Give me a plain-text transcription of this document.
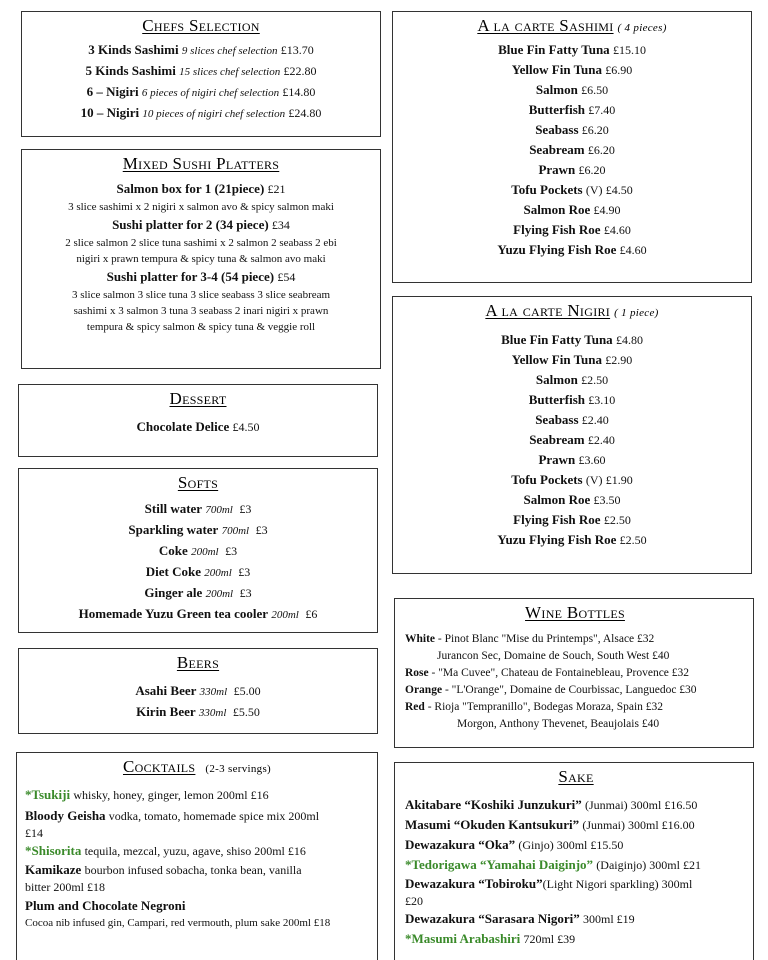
Chefs Selection
3 Kinds Sashimi 9 slices chef selection £13.70
5 Kinds Sashimi 15 slices chef selection £22.80
6 – Nigiri 6 pieces of nigiri chef selection £14.80
10 – Nigiri 10 pieces of nigiri chef selection £24.80
Mixed Sushi Platters
Salmon box for 1 (21piece) £21
3 slice sashimi x 2 nigiri x salmon avo & spicy salmon maki
Sushi platter for 2 (34 piece) £34
2 slice salmon 2 slice tuna sashimi x 2 salmon 2 seabass 2 ebi
nigiri x prawn tempura & spicy tuna & salmon avo maki
Sushi platter for 3-4 (54 piece) £54
3 slice salmon 3 slice tuna 3 slice seabass 3 slice seabream
sashimi x 3 salmon 3 tuna 3 seabass 2 inari nigiri x prawn
tempura & spicy salmon & spicy tuna & veggie roll
Dessert
Chocolate Delice £4.50
Softs
Still water 700ml £3
Sparkling water 700ml £3
Coke 200ml £3
Diet Coke 200ml £3
Ginger ale 200ml £3
Homemade Yuzu Green tea cooler 200ml £6
Beers
Asahi Beer 330ml £5.00
Kirin Beer 330ml £5.50
Cocktails (2-3 servings)
*Tsukiji whisky, honey, ginger, lemon 200ml £16
Bloody Geisha vodka, tomato, homemade spice mix 200ml
£14
*Shisorita tequila, mezcal, yuzu, agave, shiso 200ml £16
Kamikaze bourbon infused sobacha, tonka bean, vanilla
bitter 200ml £18
Plum and Chocolate Negroni
Cocoa nib infused gin, Campari, red vermouth, plum sake 200ml £18
A la carte Sashimi ( 4 pieces)
Blue Fin Fatty Tuna £15.10
Yellow Fin Tuna £6.90
Salmon £6.50
Butterfish £7.40
Seabass £6.20
Seabream £6.20
Prawn £6.20
Tofu Pockets (V) £4.50
Salmon Roe £4.90
Flying Fish Roe £4.60
Yuzu Flying Fish Roe £4.60
A la carte Nigiri ( 1 piece)
Blue Fin Fatty Tuna £4.80
Yellow Fin Tuna £2.90
Salmon £2.50
Butterfish £3.10
Seabass £2.40
Seabream £2.40
Prawn £3.60
Tofu Pockets (V) £1.90
Salmon Roe £3.50
Flying Fish Roe £2.50
Yuzu Flying Fish Roe £2.50
Wine Bottles
White - Pinot Blanc "Mise du Printemps", Alsace £32
Jurancon Sec, Domaine de Souch, South West £40
Rose - "Ma Cuvee", Chateau de Fontainebleau, Provence £32
Orange - "L'Orange", Domaine de Courbissac, Languedoc £30
Red - Rioja "Tempranillo", Bodegas Moraza, Spain £32
Morgon, Anthony Thevenet, Beaujolais £40
Sake
Akitabare “Koshiki Junzukuri” (Junmai) 300ml £16.50
Masumi “Okuden Kantsukuri” (Junmai) 300ml £16.00
Dewazakura “Oka” (Ginjo) 300ml £15.50
*Tedorigawa “Yamahai Daiginjo” (Daiginjo) 300ml £21
Dewazakura “Tobiroku”(Light Nigori sparkling) 300ml
£20
Dewazakura “Sarasara Nigori” 300ml £19
*Masumi Arabashiri 720ml £39
